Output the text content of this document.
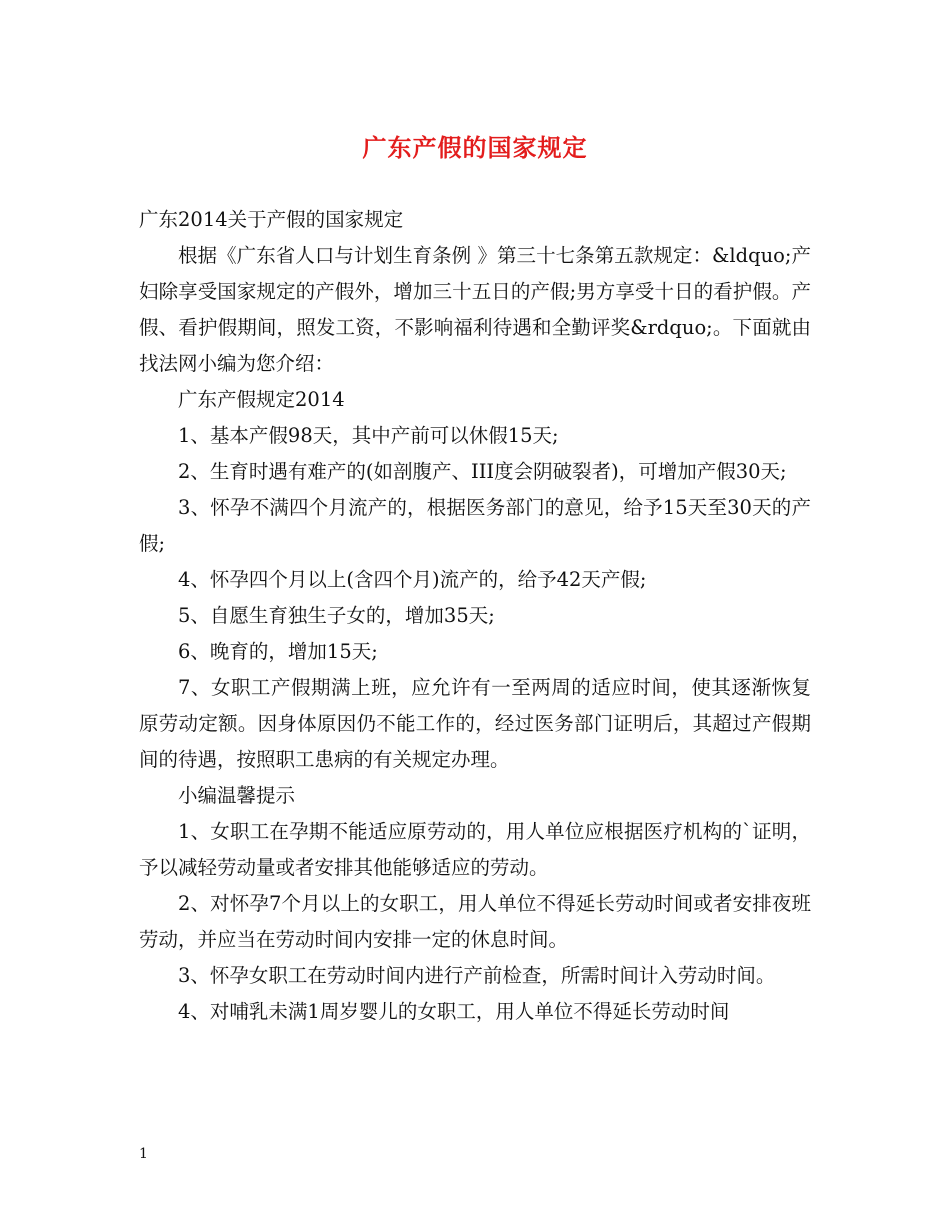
广东产假的国家规定

广东2014关于产假的国家规定

根据《广东省人口与计划生育条例 》第三十七条第五款规定：&ldquo;产妇除享受国家规定的产假外，增加三十五日的产假;男方享受十日的看护假。产假、看护假期间，照发工资，不影响福利待遇和全勤评奖&rdquo;。下面就由找法网小编为您介绍：

广东产假规定2014

1、基本产假98天，其中产前可以休假15天;

2、生育时遇有难产的(如剖腹产、III度会阴破裂者)，可增加产假30天;

3、怀孕不满四个月流产的，根据医务部门的意见，给予15天至30天的产假;

4、怀孕四个月以上(含四个月)流产的，给予42天产假;

5、自愿生育独生子女的，增加35天;

6、晚育的，增加15天;

7、女职工产假期满上班，应允许有一至两周的适应时间，使其逐渐恢复原劳动定额。因身体原因仍不能工作的，经过医务部门证明后，其超过产假期间的待遇，按照职工患病的有关规定办理。

小编温馨提示

1、女职工在孕期不能适应原劳动的，用人单位应根据医疗机构的`证明，予以减轻劳动量或者安排其他能够适应的劳动。

2、对怀孕7个月以上的女职工，用人单位不得延长劳动时间或者安排夜班劳动，并应当在劳动时间内安排一定的休息时间。

3、怀孕女职工在劳动时间内进行产前检查，所需时间计入劳动时间。

4、对哺乳未满1周岁婴儿的女职工，用人单位不得延长劳动时间

1
